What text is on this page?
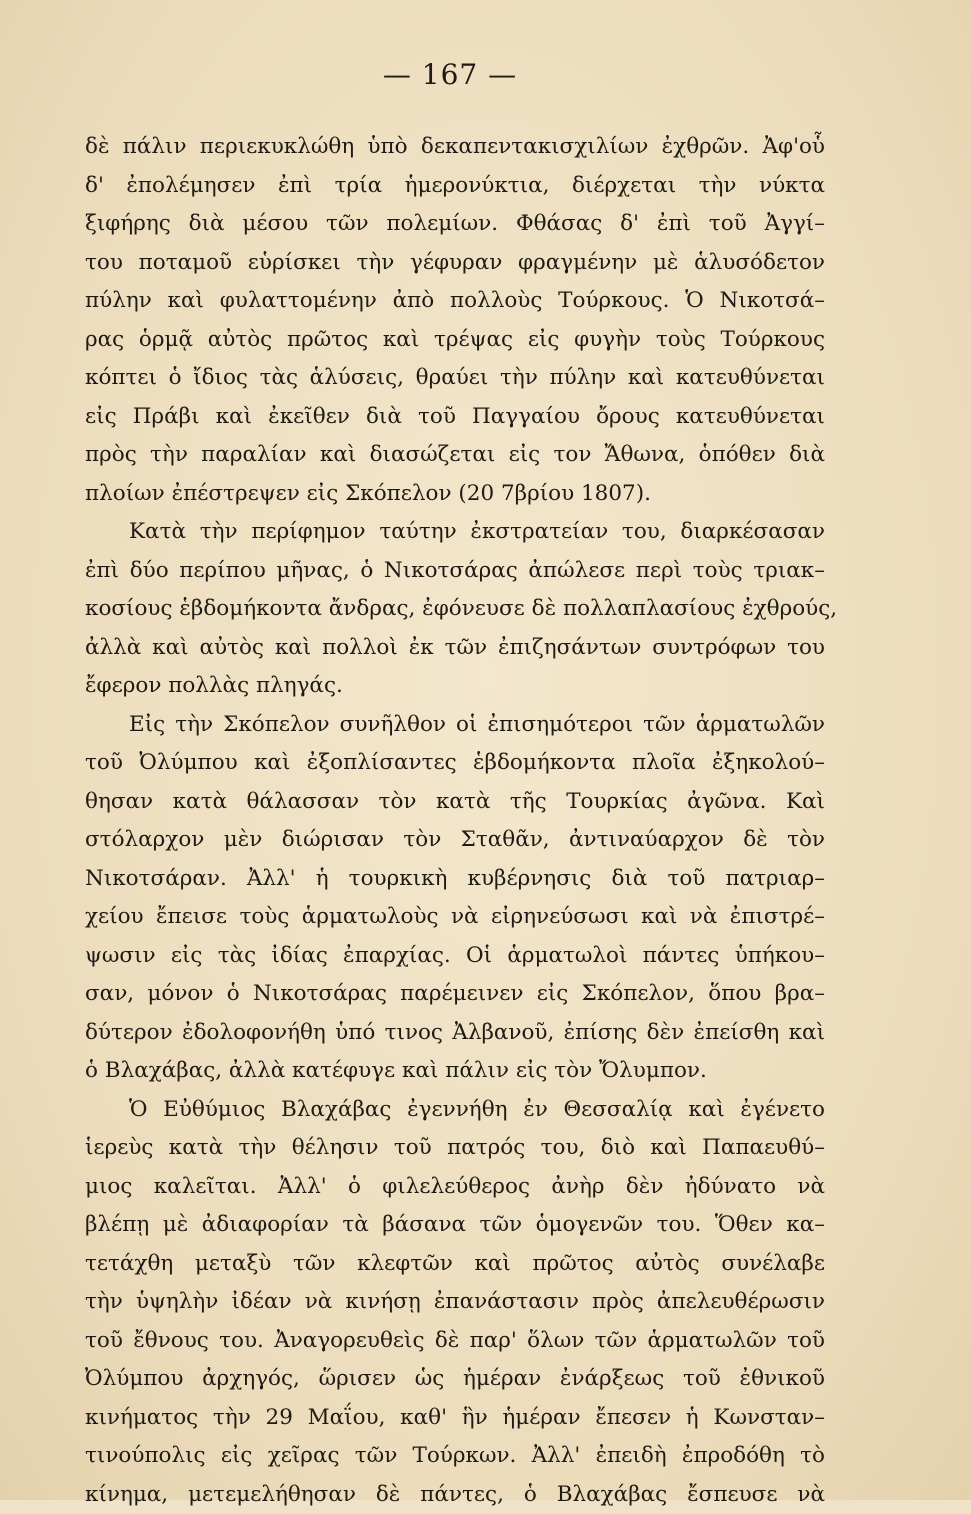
— 167 —
δὲ πάλιν περιεκυκλώθη ὑπὸ δεκαπεντακισχιλίων ἐχθρῶν. Ἀφ'οὗ
δ' ἐπολέμησεν ἐπὶ τρία ἡμερονύκτια, διέρχεται τὴν νύκτα
ξιφήρης διὰ μέσου τῶν πολεμίων. Φθάσας δ' ἐπὶ τοῦ Ἀγγί–
του ποταμοῦ εὑρίσκει τὴν γέφυραν φραγμένην μὲ ἁλυσόδετον
πύλην καὶ φυλαττομένην ἀπὸ πολλοὺς Τούρκους. Ὁ Νικοτσά–
ρας ὁρμᾷ αὐτὸς πρῶτος καὶ τρέψας εἰς φυγὴν τοὺς Τούρκους
κόπτει ὁ ἴδιος τὰς ἁλύσεις, θραύει τὴν πύλην καὶ κατευθύνεται
εἰς Πράβι καὶ ἐκεῖθεν διὰ τοῦ Παγγαίου ὄρους κατευθύνεται
πρὸς τὴν παραλίαν καὶ διασώζεται εἰς τον Ἄθωνα, ὁπόθεν διὰ
πλοίων ἐπέστρεψεν εἰς Σκόπελον (20 7βρίου 1807).
Κατὰ τὴν περίφημον ταύτην ἐκστρατείαν του, διαρκέσασαν
ἐπὶ δύο περίπου μῆνας, ὁ Νικοτσάρας ἀπώλεσε περὶ τοὺς τριακ–
κοσίους ἑβδομήκοντα ἄνδρας, ἐφόνευσε δὲ πολλαπλασίους ἐχθρούς,
ἀλλὰ καὶ αὐτὸς καὶ πολλοὶ ἐκ τῶν ἐπιζησάντων συντρόφων του
ἔφερον πολλὰς πληγάς.
Εἰς τὴν Σκόπελον συνῆλθον οἱ ἐπισημότεροι τῶν ἁρματωλῶν
τοῦ Ὀλύμπου καὶ ἐξοπλίσαντες ἑβδομήκοντα πλοῖα ἐξηκολού–
θησαν κατὰ θάλασσαν τὸν κατὰ τῆς Τουρκίας ἀγῶνα. Καὶ
στόλαρχον μὲν διώρισαν τὸν Σταθᾶν, ἀντιναύαρχον δὲ τὸν
Νικοτσάραν. Ἀλλ' ἡ τουρκικὴ κυβέρνησις διὰ τοῦ πατριαρ–
χείου ἔπεισε τοὺς ἁρματωλοὺς νὰ εἰρηνεύσωσι καὶ νὰ ἐπιστρέ–
ψωσιν εἰς τὰς ἰδίας ἐπαρχίας. Οἱ ἁρματωλοὶ πάντες ὑπήκου–
σαν, μόνον ὁ Νικοτσάρας παρέμεινεν εἰς Σκόπελον, ὅπου βρα–
δύτερον ἐδολοφονήθη ὑπό τινος Ἀλβανοῦ, ἐπίσης δὲν ἐπείσθη καὶ
ὁ Βλαχάβας, ἀλλὰ κατέφυγε καὶ πάλιν εἰς τὸν Ὄλυμπον.
Ὁ Εὐθύμιος Βλαχάβας ἐγεννήθη ἐν Θεσσαλίᾳ καὶ ἐγένετο
ἱερεὺς κατὰ τὴν θέλησιν τοῦ πατρός του, διὸ καὶ Παπαευθύ–
μιος καλεῖται. Ἀλλ' ὁ φιλελεύθερος ἀνὴρ δὲν ἠδύνατο νὰ
βλέπῃ μὲ ἀδιαφορίαν τὰ βάσανα τῶν ὁμογενῶν του. Ὅθεν κα–
τετάχθη μεταξὺ τῶν κλεφτῶν καὶ πρῶτος αὐτὸς συνέλαβε
τὴν ὑψηλὴν ἰδέαν νὰ κινήσῃ ἐπανάστασιν πρὸς ἀπελευθέρωσιν
τοῦ ἔθνους του. Ἀναγορευθεὶς δὲ παρ' ὅλων τῶν ἁρματωλῶν τοῦ
Ὀλύμπου ἀρχηγός, ὥρισεν ὡς ἡμέραν ἐνάρξεως τοῦ ἐθνικοῦ
κινήματος τὴν 29 Μαΐου, καθ' ἣν ἡμέραν ἔπεσεν ἡ Κωνσταν–
τινούπολις εἰς χεῖρας τῶν Τούρκων. Ἀλλ' ἐπειδὴ ἐπροδόθη τὸ
κίνημα, μετεμελήθησαν δὲ πάντες, ὁ Βλαχάβας ἔσπευσε νὰ
